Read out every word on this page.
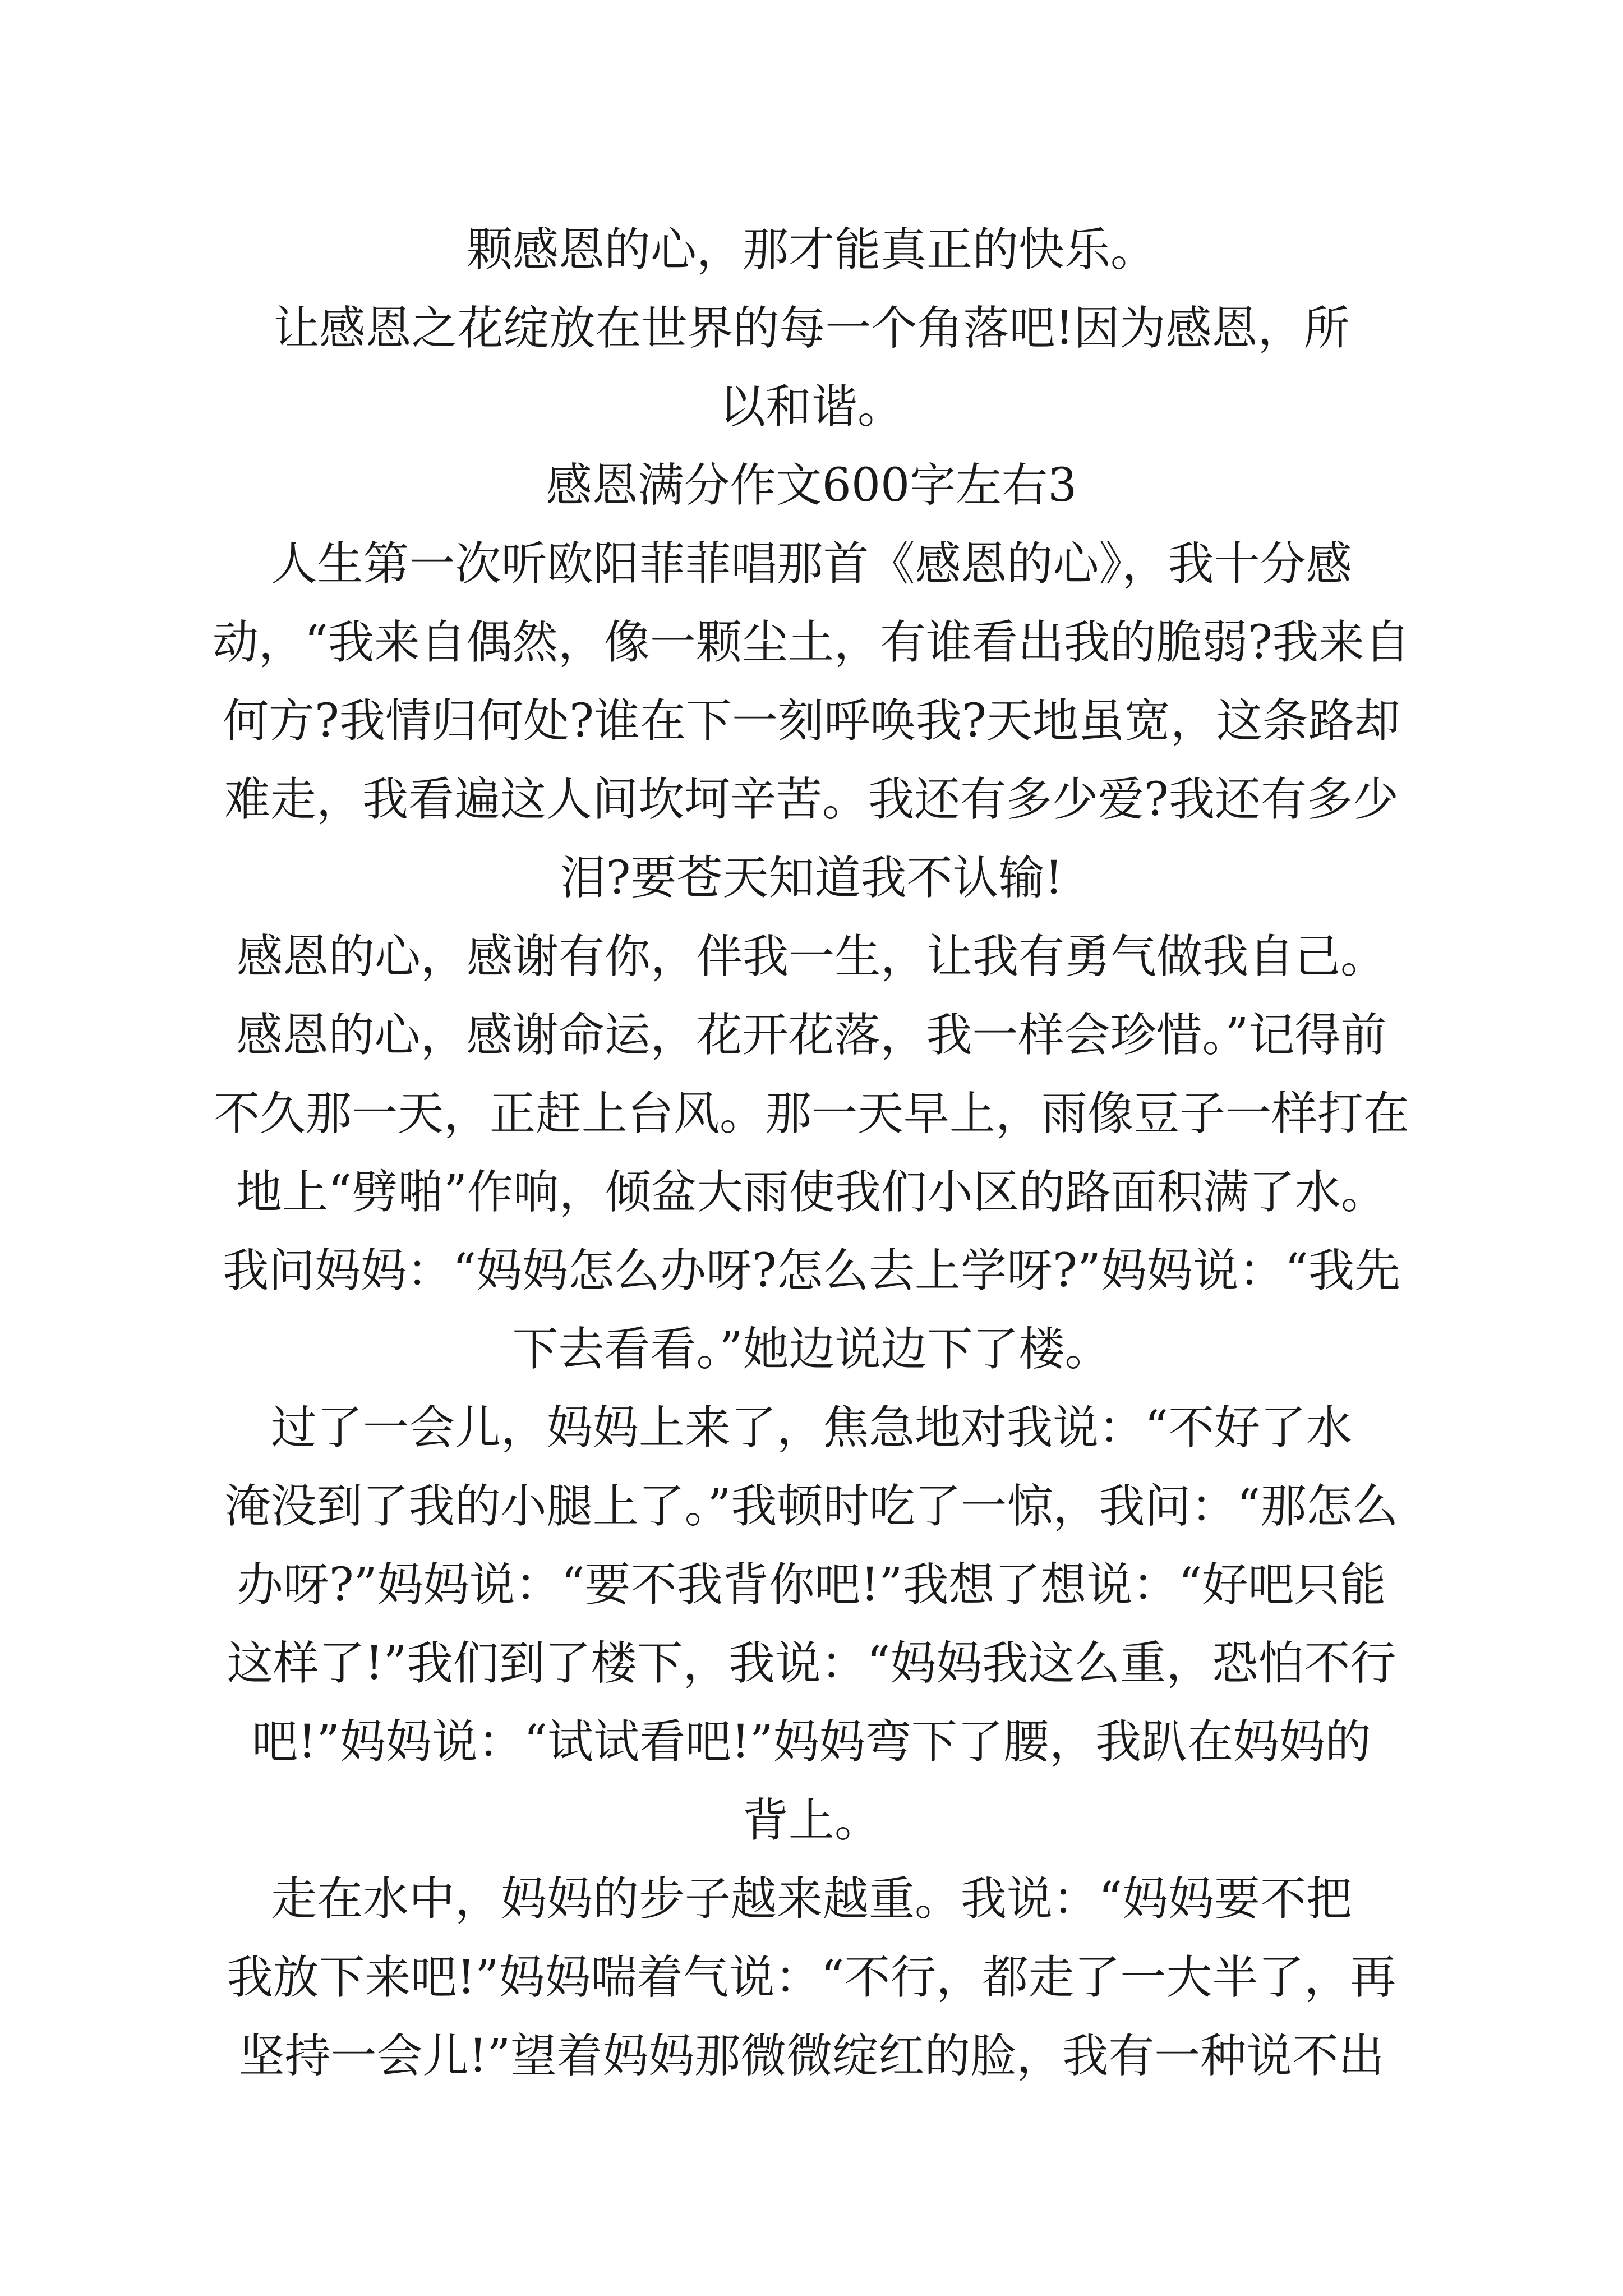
颗感恩的心，那才能真正的快乐。
让感恩之花绽放在世界的每一个角落吧!因为感恩，所
以和谐。
感恩满分作文600字左右3
人生第一次听欧阳菲菲唱那首《感恩的心》，我十分感
动，“我来自偶然，像一颗尘土，有谁看出我的脆弱?我来自
何方?我情归何处?谁在下一刻呼唤我?天地虽宽，这条路却
难走，我看遍这人间坎坷辛苦。我还有多少爱?我还有多少
泪?要苍天知道我不认输!
感恩的心，感谢有你，伴我一生，让我有勇气做我自己。
感恩的心，感谢命运，花开花落，我一样会珍惜。”记得前
不久那一天，正赶上台风。那一天早上，雨像豆子一样打在
地上“劈啪”作响，倾盆大雨使我们小区的路面积满了水。
我问妈妈：“妈妈怎么办呀?怎么去上学呀?”妈妈说：“我先
下去看看。”她边说边下了楼。
过了一会儿，妈妈上来了，焦急地对我说：“不好了水
淹没到了我的小腿上了。”我顿时吃了一惊，我问：“那怎么
办呀?”妈妈说：“要不我背你吧!”我想了想说：“好吧只能
这样了!”我们到了楼下，我说：“妈妈我这么重，恐怕不行
吧!”妈妈说：“试试看吧!”妈妈弯下了腰，我趴在妈妈的
背上。
走在水中，妈妈的步子越来越重。我说：“妈妈要不把
我放下来吧!”妈妈喘着气说：“不行，都走了一大半了，再
坚持一会儿!”望着妈妈那微微绽红的脸，我有一种说不出
